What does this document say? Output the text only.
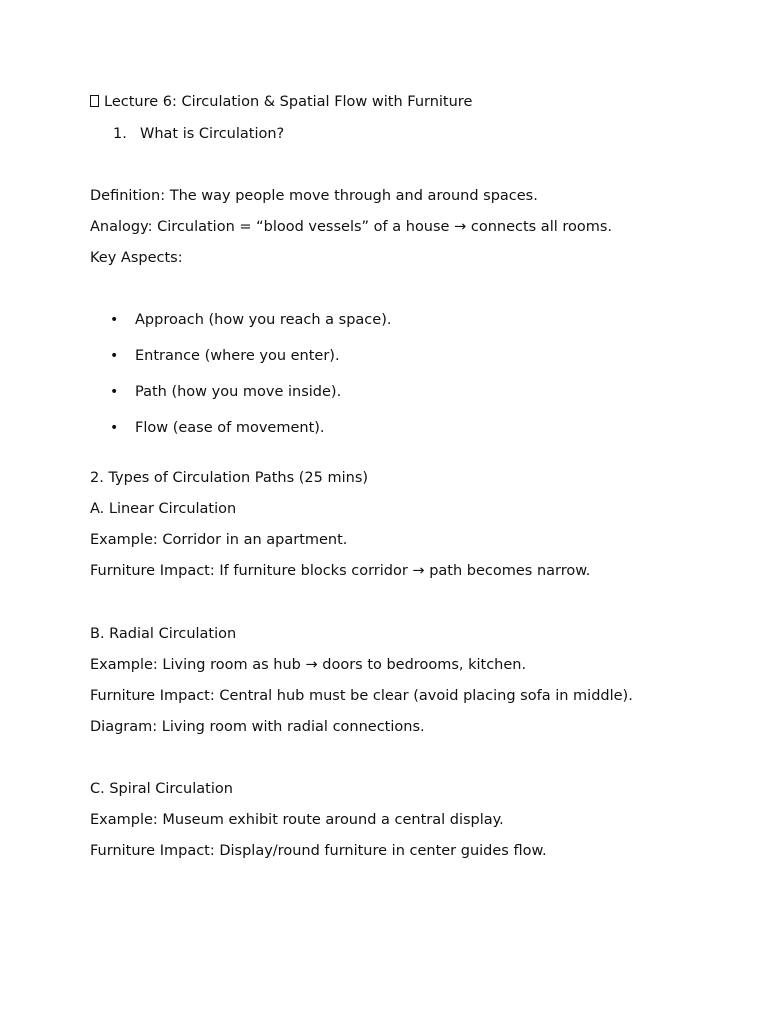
Lecture 6: Circulation & Spatial Flow with Furniture
1. What is Circulation?
Definition: The way people move through and around spaces.
Analogy: Circulation = “blood vessels” of a house → connects all rooms.
Key Aspects:
• Approach (how you reach a space).
• Entrance (where you enter).
• Path (how you move inside).
• Flow (ease of movement).
2. Types of Circulation Paths (25 mins)
A. Linear Circulation
Example: Corridor in an apartment.
Furniture Impact: If furniture blocks corridor → path becomes narrow.
B. Radial Circulation
Example: Living room as hub → doors to bedrooms, kitchen.
Furniture Impact: Central hub must be clear (avoid placing sofa in middle).
Diagram: Living room with radial connections.
C. Spiral Circulation
Example: Museum exhibit route around a central display.
Furniture Impact: Display/round furniture in center guides flow.
